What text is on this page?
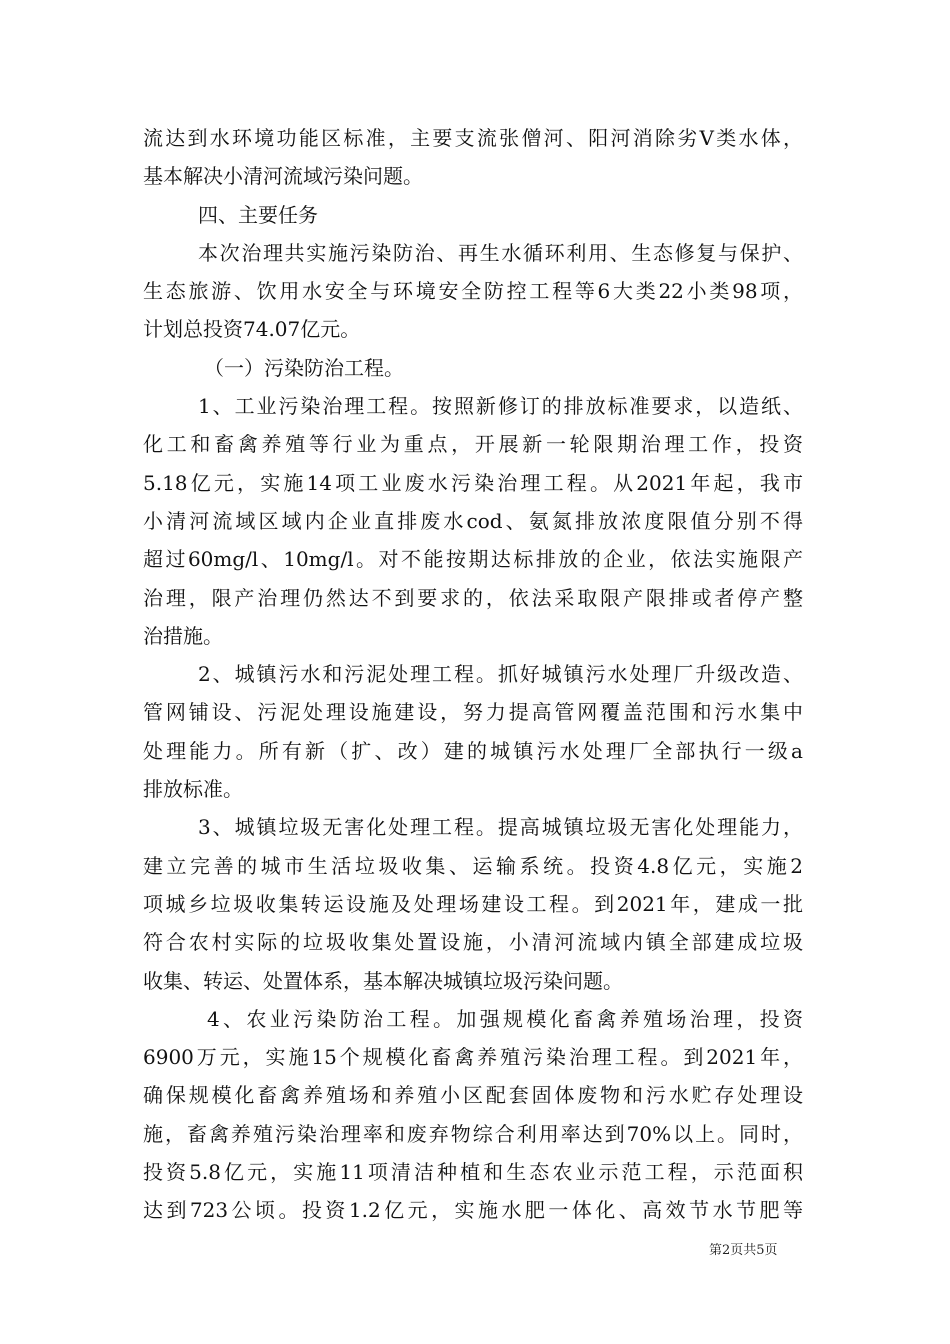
流达到水环境功能区标准，主要支流张僧河、阳河消除劣Ⅴ类水体，
基本解决小清河流域污染问题。
四、主要任务
本次治理共实施污染防治、再生水循环利用、生态修复与保护、
生态旅游、饮用水安全与环境安全防控工程等6大类22小类98项，
计划总投资74.07亿元。
（一）污染防治工程。
1、工业污染治理工程。按照新修订的排放标准要求，以造纸、
化工和畜禽养殖等行业为重点，开展新一轮限期治理工作，投资
5.18亿元，实施14项工业废水污染治理工程。从2021年起，我市
小清河流域区域内企业直排废水cod、氨氮排放浓度限值分别不得
超过60mg/l、10mg/l。对不能按期达标排放的企业，依法实施限产
治理，限产治理仍然达不到要求的，依法采取限产限排或者停产整
治措施。
2、城镇污水和污泥处理工程。抓好城镇污水处理厂升级改造、
管网铺设、污泥处理设施建设，努力提高管网覆盖范围和污水集中
处理能力。所有新（扩、改）建的城镇污水处理厂全部执行一级a
排放标准。
3、城镇垃圾无害化处理工程。提高城镇垃圾无害化处理能力，
建立完善的城市生活垃圾收集、运输系统。投资4.8亿元，实施2
项城乡垃圾收集转运设施及处理场建设工程。到2021年，建成一批
符合农村实际的垃圾收集处置设施，小清河流域内镇全部建成垃圾
收集、转运、处置体系，基本解决城镇垃圾污染问题。
4、农业污染防治工程。加强规模化畜禽养殖场治理，投资
6900万元，实施15个规模化畜禽养殖污染治理工程。到2021年，
确保规模化畜禽养殖场和养殖小区配套固体废物和污水贮存处理设
施，畜禽养殖污染治理率和废弃物综合利用率达到70%以上。同时，
投资5.8亿元，实施11项清洁种植和生态农业示范工程，示范面积
达到723公顷。投资1.2亿元，实施水肥一体化、高效节水节肥等
第2页共5页
